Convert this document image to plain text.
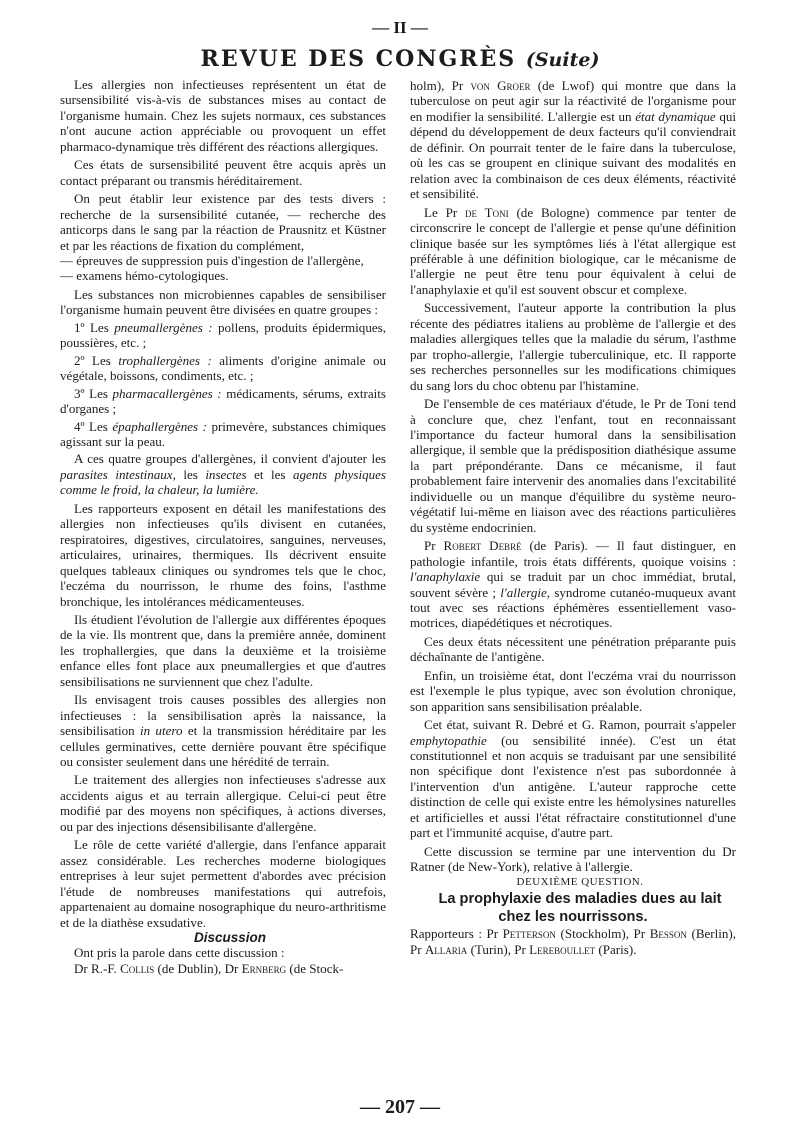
— II —
REVUE DES CONGRÈS (Suite)

Les allergies non infectieuses représentent un état de sursensibilité vis-à-vis de substances mises au contact de l'organisme humain. Chez les sujets normaux, ces substances n'ont aucune action appréciable ou provoquent un effet pharmaco-dynamique très différent des réactions allergiques.

Ces états de sursensibilité peuvent être acquis après un contact préparant ou transmis héréditairement.

On peut établir leur existence par des tests divers : recherche de la sursensibilité cutanée, — recherche des anticorps dans le sang par la réaction de Prausnitz et Küstner et par les réactions de fixation du complément,

— épreuves de suppression puis d'ingestion de l'allergène,

— examens hémo-cytologiques.

Les substances non microbiennes capables de sensibiliser l'organisme humain peuvent être divisées en quatre groupes :

1º Les pneumallergènes : pollens, produits épidermiques, poussières, etc. ;

2º Les trophallergènes : aliments d'origine animale ou végétale, boissons, condiments, etc. ;

3º Les pharmacallergènes : médicaments, sérums, extraits d'organes ;

4º Les épaphallergènes : primevère, substances chimiques agissant sur la peau.

A ces quatre groupes d'allergènes, il convient d'ajouter les parasites intestinaux, les insectes et les agents physiques comme le froid, la chaleur, la lumière.

Les rapporteurs exposent en détail les manifestations des allergies non infectieuses qu'ils divisent en cutanées, respiratoires, digestives, circulatoires, sanguines, nerveuses, articulaires, urinaires, thermiques. Ils décrivent ensuite quelques tableaux cliniques ou syndromes tels que le choc, l'eczéma du nourrisson, le rhume des foins, l'asthme bronchique, les intolérances médicamenteuses.

Ils étudient l'évolution de l'allergie aux différentes époques de la vie. Ils montrent que, dans la première année, dominent les trophallergies, que dans la deuxième et la troisième enfance elles font place aux pneumallergies et que d'autres sensibilisations ne surviennent que chez l'adulte.

Ils envisagent trois causes possibles des allergies non infectieuses : la sensibilisation après la naissance, la sensibilisation in utero et la transmission héréditaire par les cellules germinatives, cette dernière pouvant être spécifique ou consister seulement dans une hérédité de terrain.

Le traitement des allergies non infectieuses s'adresse aux accidents aigus et au terrain allergique. Celui-ci peut être modifié par des moyens non spécifiques, à actions diverses, ou par des injections désensibilisante d'allergène.

Le rôle de cette variété d'allergie, dans l'enfance apparait assez considérable. Les recherches moderne biologiques entreprises à leur sujet permettent d'abordes avec précision l'étude de nombreuses manifestations qui autrefois, appartenaient au domaine nosographique du neuro-arthritisme et de la diathèse exsudative.

Discussion

Ont pris la parole dans cette discussion :

Dr R.-F. Collis (de Dublin), Dr Ernberg (de Stock-

holm), Pr von Groer (de Lwof) qui montre que dans la tuberculose on peut agir sur la réactivité de l'organisme pour en modifier la sensibilité. L'allergie est un état dynamique qui dépend du développement de deux facteurs qu'il conviendrait de définir. On pourrait tenter de le faire dans la tuberculose, où les cas se groupent en clinique suivant des modalités en relation avec la combinaison de ces deux éléments, réactivité et sensibilité.

Le Pr de Toni (de Bologne) commence par tenter de circonscrire le concept de l'allergie et pense qu'une définition clinique basée sur les symptômes liés à l'état allergique est préférable à une définition biologique, car le mécanisme de l'allergie ne peut être tenu pour équivalent à celui de l'anaphylaxie et qu'il est souvent obscur et complexe.

Successivement, l'auteur apporte la contribution la plus récente des pédiatres italiens au problème de l'allergie et des maladies allergiques telles que la maladie du sérum, l'asthme par tropho-allergie, l'allergie tuberculinique, etc. Il rapporte ses recherches personnelles sur les modifications chimiques du sang lors du choc obtenu par l'histamine.

De l'ensemble de ces matériaux d'étude, le Pr de Toni tend à conclure que, chez l'enfant, tout en reconnaissant l'importance du facteur humoral dans la sensibilisation allergique, il semble que la prédisposition diathésique assume la part prépondérante. Dans ce mécanisme, il faut probablement faire intervenir des anomalies dans l'excitabilité individuelle ou un manque d'équilibre du système neuro-végétatif lui-même en liaison avec des réactions particulières du système endocrinien.

Pr Robert Debré (de Paris). — Il faut distinguer, en pathologie infantile, trois états différents, quoique voisins : l'anaphylaxie qui se traduit par un choc immédiat, brutal, souvent sévère ; l'allergie, syndrome cutanéo-muqueux avant tout avec ses réactions éphémères essentiellement vaso-motrices, diapédétiques et nécrotiques.

Ces deux états nécessitent une pénétration préparante puis déchaînante de l'antigène.

Enfin, un troisième état, dont l'eczéma vrai du nourrisson est l'exemple le plus typique, avec son évolution chronique, son apparition sans sensibilisation préalable.

Cet état, suivant R. Debré et G. Ramon, pourrait s'appeler emphytopathie (ou sensibilité innée). C'est un état constitutionnel et non acquis se traduisant par une sensibilité non spécifique dont l'existence n'est pas subordonnée à l'intervention d'un antigène. L'auteur rapproche cette distinction de celle qui existe entre les hémolysines naturelles et artificielles et aussi l'état réfractaire constitutionnel d'une part et l'immunité acquise, d'autre part.

Cette discussion se termine par une intervention du Dr Ratner (de New-York), relative à l'allergie.

DEUXIÈME QUESTION.

La prophylaxie des maladies dues au lait chez les nourrissons.

Rapporteurs : Pr Petterson (Stockholm), Pr Besson (Berlin), Pr Allaria (Turin), Pr Lereboullet (Paris).

— 207 —
